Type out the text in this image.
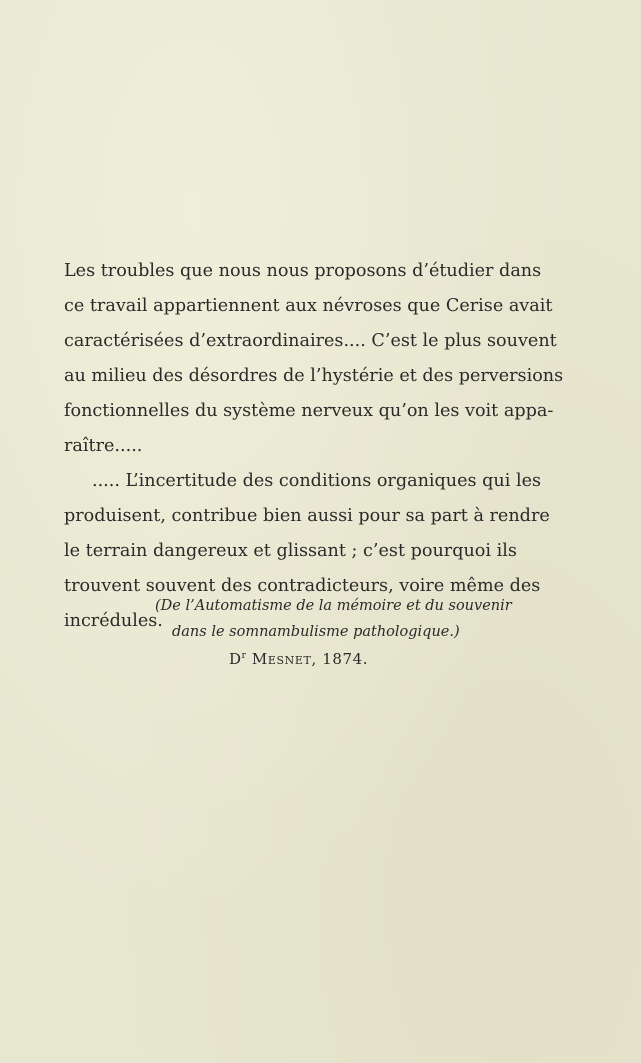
Les troubles que nous nous proposons d’étudier dans
ce travail appartiennent aux névroses que Cerise avait
caractérisées d’extraordinaires.... C’est le plus souvent
au milieu des désordres de l’hystérie et des perversions
fonctionnelles du système nerveux qu’on les voit appa-
raître.....
..... L’incertitude des conditions organiques qui les
produisent, contribue bien aussi pour sa part à rendre
le terrain dangereux et glissant ; c’est pourquoi ils
trouvent souvent des contradicteurs, voire même des
incrédules.
(De l’Automatisme de la mémoire et du souvenir
dans le somnambulisme pathologique.)
$D^r$ Mesnet, 1874.
